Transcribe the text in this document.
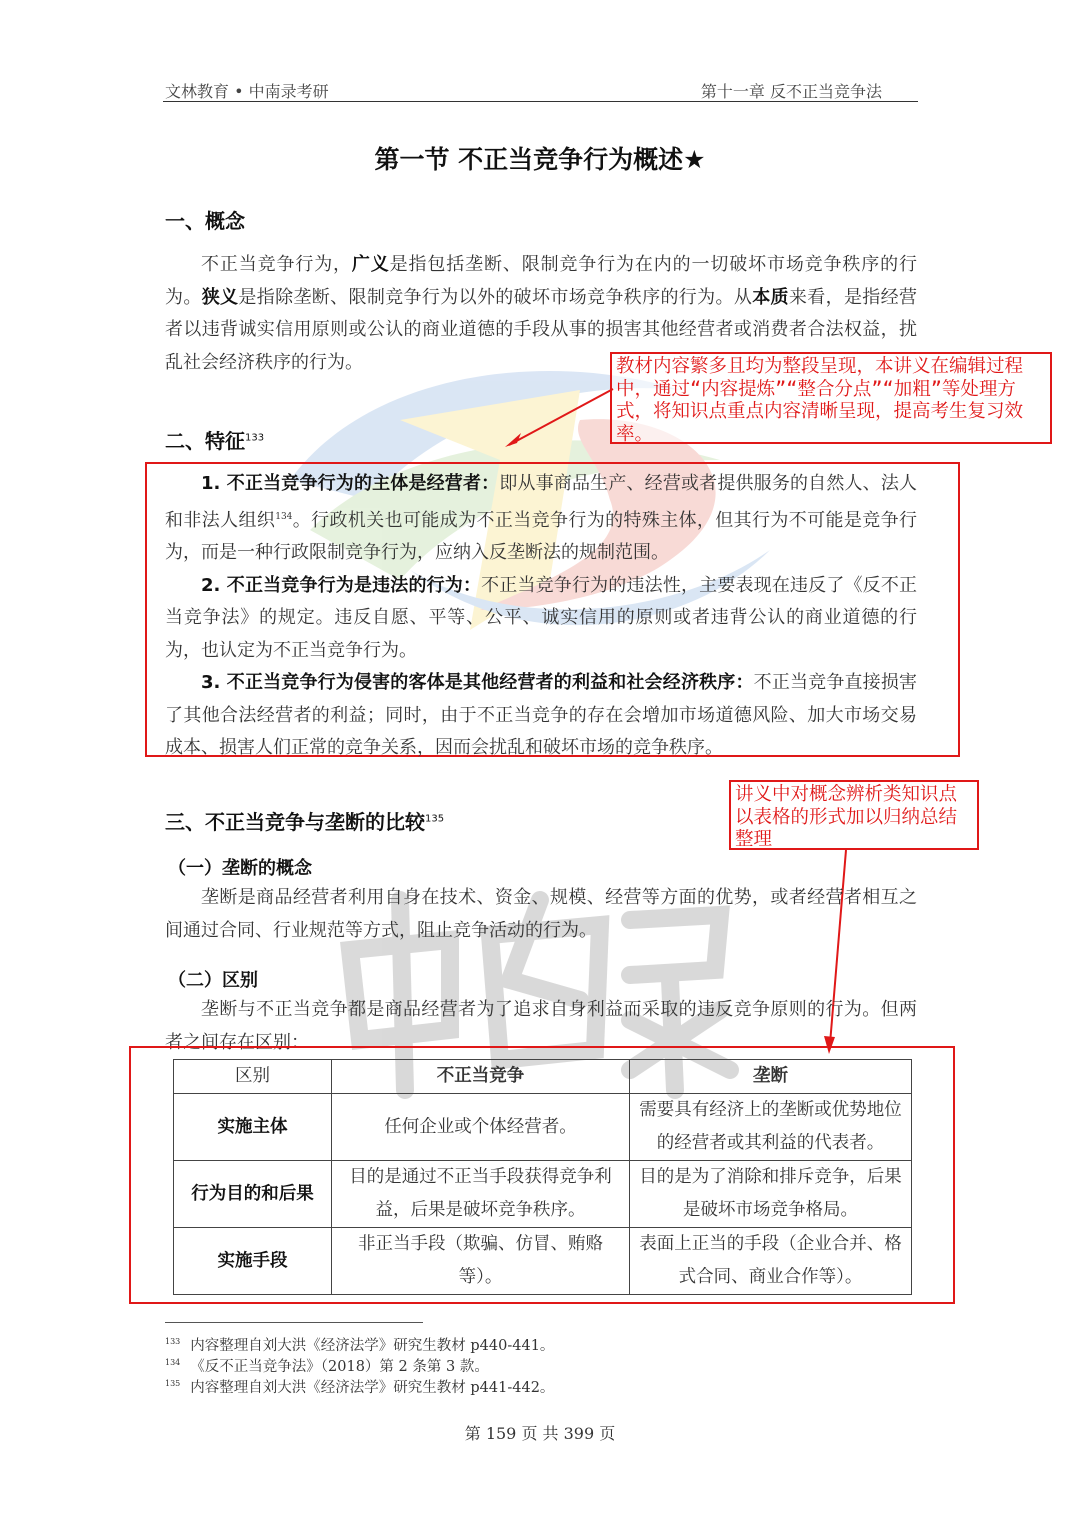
文林教育 • 中南录考研	第十一章 反不正当竞争法
第一节 不正当竞争行为概述★
一、概念

不正当竞争行为，广义是指包括垄断、限制竞争行为在内的一切破坏市场竞争秩序的行为。狭义是指除垄断、限制竞争行为以外的破坏市场竞争秩序的行为。从本质来看，是指经营者以违背诚实信用原则或公认的商业道德的手段从事的损害其他经营者或消费者合法权益，扰乱社会经济秩序的行为。	教材内容繁多且均为整段呈现，本讲义在编辑过程中，通过“内容提炼”“整合分点”“加粗”等处理方式，将知识点重点内容清晰呈现，提高考生复习效率。
二、特征$^{133}$

1. 不正当竞争行为的主体是经营者：即从事商品生产、经营或者提供服务的自然人、法人和非法人组织$^{134}$。行政机关也可能成为不正当竞争行为的特殊主体，但其行为不可能是竞争行为，而是一种行政限制竞争行为，应纳入反垄断法的规制范围。

2. 不正当竞争行为是违法的行为：不正当竞争行为的违法性，主要表现在违反了《反不正当竞争法》的规定。违反自愿、平等、公平、诚实信用的原则或者违背公认的商业道德的行为，也认定为不正当竞争行为。

3. 不正当竞争行为侵害的客体是其他经营者的利益和社会经济秩序：不正当竞争直接损害了其他合法经营者的利益；同时，由于不正当竞争的存在会增加市场道德风险、加大市场交易成本、损害人们正常的竞争关系，因而会扰乱和破坏市场的竞争秩序。

三、不正当竞争与垄断的比较$^{135}$
讲义中对概念辨析类知识点以表格的形式加以归纳总结整理
（一）垄断的概念

垄断是商品经营者利用自身在技术、资金、规模、经营等方面的优势，或者经营者相互之间通过合同、行业规范等方式，阻止竞争活动的行为。

（二）区别

垄断与不正当竞争都是商品经营者为了追求自身利益而采取的违反竞争原则的行为。但两者之间存在区别：

区别	不正当竞争	垄断
实施主体	任何企业或个体经营者。	需要具有经济上的垄断或优势地位的经营者或其利益的代表者。
行为目的和后果	目的是通过不正当手段获得竞争利益，后果是破坏竞争秩序。	目的是为了消除和排斥竞争，后果是破坏市场竞争格局。
实施手段	非正当手段（欺骗、仿冒、贿赂等）。	表面上正当的手段（企业合并、格式合同、商业合作等）。
$^{133}$ 内容整理自刘大洪《经济法学》研究生教材 p440-441。
$^{134}$ 《反不正当竞争法》（2018）第 2 条第 3 款。
$^{135}$ 内容整理自刘大洪《经济法学》研究生教材 p441-442。
第 159 页 共 399 页
